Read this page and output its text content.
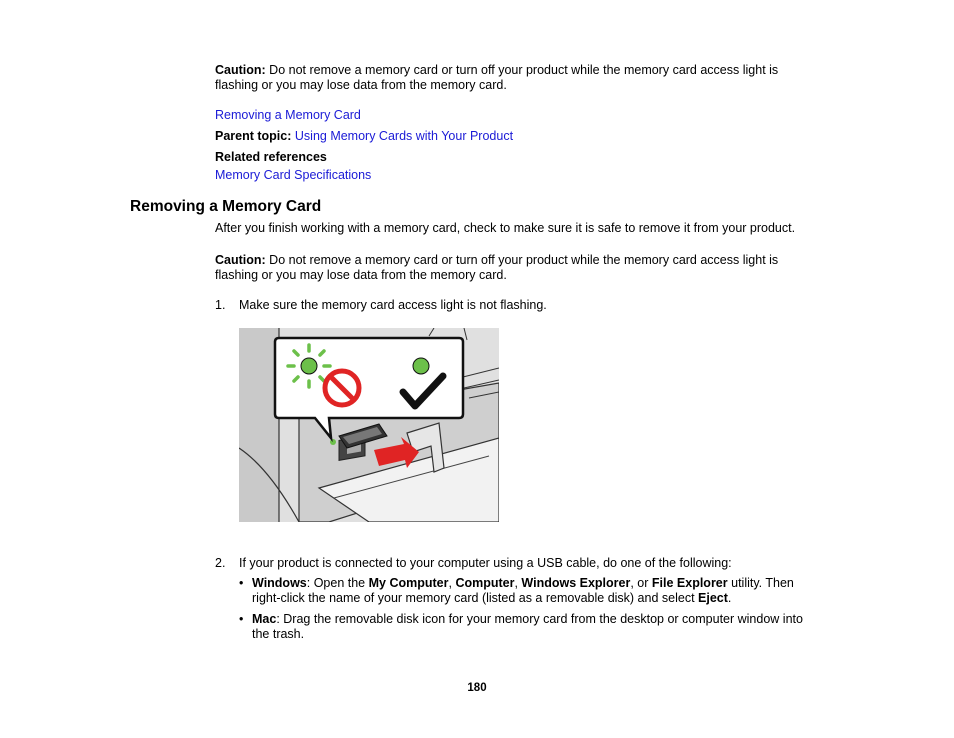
Caution: Do not remove a memory card or turn off your product while the memory card access light is flashing or you may lose data from the memory card.
Removing a Memory Card
Parent topic: Using Memory Cards with Your Product
Related references
Memory Card Specifications
Removing a Memory Card
After you finish working with a memory card, check to make sure it is safe to remove it from your product.
Caution: Do not remove a memory card or turn off your product while the memory card access light is flashing or you may lose data from the memory card.
1.	Make sure the memory card access light is not flashing.
2.	If your product is connected to your computer using a USB cable, do one of the following:
• Windows: Open the My Computer, Computer, Windows Explorer, or File Explorer utility. Then right-click the name of your memory card (listed as a removable disk) and select Eject.
• Mac: Drag the removable disk icon for your memory card from the desktop or computer window into the trash.
180
